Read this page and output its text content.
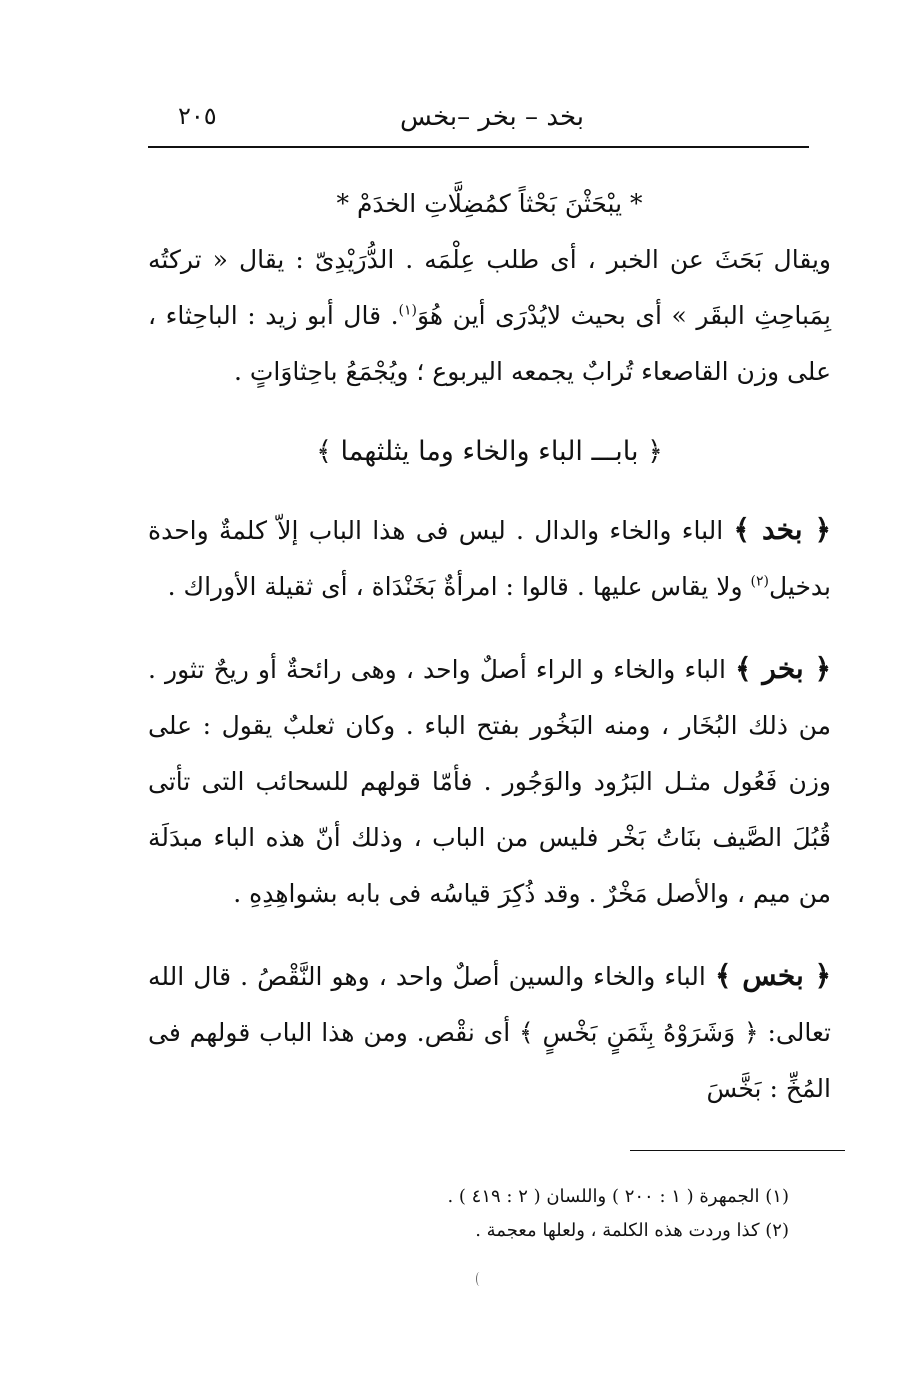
بخد – بخر –بخس
٢٠٥

* يبْحَثْنَ بَحْثاً كمُضِلَّاتِ الخدَمْ *

ويقال بَحَثَ عن الخبر ، أى طلب عِلْمَه . الدُّرَيْدِىّ : يقال « تركتُه بِمَباحِثِ البقَر » أى بحيث لايُدْرَى أين هُوَ$^{(١)}$. قال أبو زيد : الباحِثاء ، على وزن القاصعاء تُرابٌ يجمعه اليربوع ؛ ويُجْمَعُ باحِثاوَاتٍ .

﴿ بابـــ الباء والخاء وما يثلثهما ﴾

﴿ بخد ﴾ الباء والخاء والدال . ليس فى هذا الباب إلاّ كلمةٌ واحدة بدخيل$^{(٢)}$ ولا يقاس عليها . قالوا : امرأةٌ بَخَنْدَاة ، أى ثقيلة الأوراك .

﴿ بخر ﴾ الباء والخاء و الراء أصلٌ واحد ، وهى رائحةٌ أو ريحٌ تثور . من ذلك البُخَار ، ومنه البَخُور بفتح الباء . وكان ثعلبٌ يقول : على وزن فَعُول مثـل البَرُود والوَجُور . فأمّا قولهم للسحائب التى تأتى قُبُلَ الصَّيف بنَاتُ بَخْر فليس من الباب ، وذلك أنّ هذه الباء مبدَلَة من ميم ، والأصل مَخْرٌ . وقد ذُكِرَ قياسُه فى بابه بشواهِدِهِ .

﴿ بخس ﴾ الباء والخاء والسين أصلٌ واحد ، وهو النَّقْصُ . قال الله تعالى: ﴿ وَشَرَوْهُ بِثَمَنٍ بَخْسٍ ﴾ أى نقْص. ومن هذا الباب قولهم فى المُخِّ : بَخَّسَ

(١) الجمهرة ( ١ : ٢٠٠ ) واللسان ( ٢ : ٤١٩ ) .
(٢) كذا وردت هذه الكلمة ، ولعلها معجمة .
